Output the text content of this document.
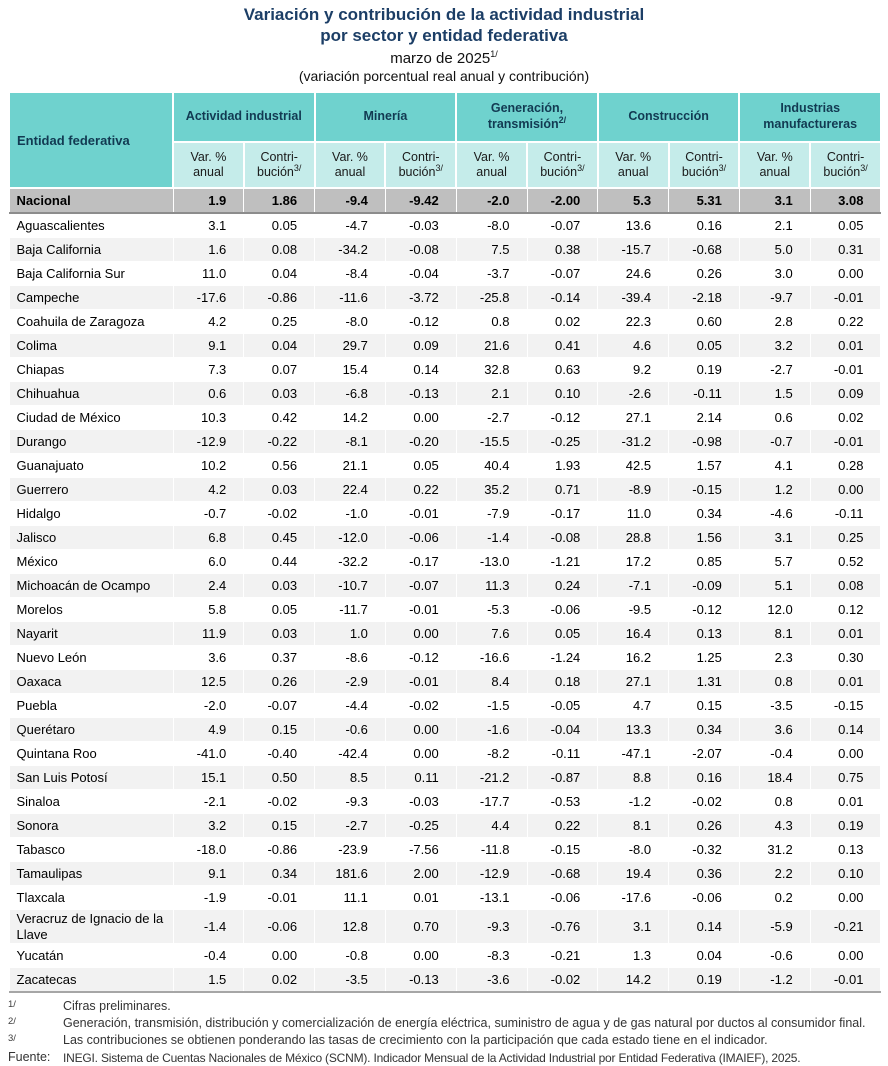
Variación y contribución de la actividad industrial
por sector y entidad federativa
marzo de $2025^{1/}$
(variación porcentual real anual y contribución)
Entidad federativa	Actividad industrial		Minería		Generación, transmisión$^{2/}$		Construcción		Industrias manufactureras	
	Var. % anual	Contri-bución$^{3/}$	Var. % anual	Contri-bución$^{3/}$	Var. % anual	Contri-bución$^{3/}$	Var. % anual	Contri-bución$^{3/}$	Var. % anual	Contri-bución$^{3/}$
Nacional	1.9	1.86	-9.4	-9.42	-2.0	-2.00	5.3	5.31	3.1	3.08
Aguascalientes	3.1	0.05	-4.7	-0.03	-8.0	-0.07	13.6	0.16	2.1	0.05
Baja California	1.6	0.08	-34.2	-0.08	7.5	0.38	-15.7	-0.68	5.0	0.31
Baja California Sur	11.0	0.04	-8.4	-0.04	-3.7	-0.07	24.6	0.26	3.0	0.00
Campeche	-17.6	-0.86	-11.6	-3.72	-25.8	-0.14	-39.4	-2.18	-9.7	-0.01
Coahuila de Zaragoza	4.2	0.25	-8.0	-0.12	0.8	0.02	22.3	0.60	2.8	0.22
Colima	9.1	0.04	29.7	0.09	21.6	0.41	4.6	0.05	3.2	0.01
Chiapas	7.3	0.07	15.4	0.14	32.8	0.63	9.2	0.19	-2.7	-0.01
Chihuahua	0.6	0.03	-6.8	-0.13	2.1	0.10	-2.6	-0.11	1.5	0.09
Ciudad de México	10.3	0.42	14.2	0.00	-2.7	-0.12	27.1	2.14	0.6	0.02
Durango	-12.9	-0.22	-8.1	-0.20	-15.5	-0.25	-31.2	-0.98	-0.7	-0.01
Guanajuato	10.2	0.56	21.1	0.05	40.4	1.93	42.5	1.57	4.1	0.28
Guerrero	4.2	0.03	22.4	0.22	35.2	0.71	-8.9	-0.15	1.2	0.00
Hidalgo	-0.7	-0.02	-1.0	-0.01	-7.9	-0.17	11.0	0.34	-4.6	-0.11
Jalisco	6.8	0.45	-12.0	-0.06	-1.4	-0.08	28.8	1.56	3.1	0.25
México	6.0	0.44	-32.2	-0.17	-13.0	-1.21	17.2	0.85	5.7	0.52
Michoacán de Ocampo	2.4	0.03	-10.7	-0.07	11.3	0.24	-7.1	-0.09	5.1	0.08
Morelos	5.8	0.05	-11.7	-0.01	-5.3	-0.06	-9.5	-0.12	12.0	0.12
Nayarit	11.9	0.03	1.0	0.00	7.6	0.05	16.4	0.13	8.1	0.01
Nuevo León	3.6	0.37	-8.6	-0.12	-16.6	-1.24	16.2	1.25	2.3	0.30
Oaxaca	12.5	0.26	-2.9	-0.01	8.4	0.18	27.1	1.31	0.8	0.01
Puebla	-2.0	-0.07	-4.4	-0.02	-1.5	-0.05	4.7	0.15	-3.5	-0.15
Querétaro	4.9	0.15	-0.6	0.00	-1.6	-0.04	13.3	0.34	3.6	0.14
Quintana Roo	-41.0	-0.40	-42.4	0.00	-8.2	-0.11	-47.1	-2.07	-0.4	0.00
San Luis Potosí	15.1	0.50	8.5	0.11	-21.2	-0.87	8.8	0.16	18.4	0.75
Sinaloa	-2.1	-0.02	-9.3	-0.03	-17.7	-0.53	-1.2	-0.02	0.8	0.01
Sonora	3.2	0.15	-2.7	-0.25	4.4	0.22	8.1	0.26	4.3	0.19
Tabasco	-18.0	-0.86	-23.9	-7.56	-11.8	-0.15	-8.0	-0.32	31.2	0.13
Tamaulipas	9.1	0.34	181.6	2.00	-12.9	-0.68	19.4	0.36	2.2	0.10
Tlaxcala	-1.9	-0.01	11.1	0.01	-13.1	-0.06	-17.6	-0.06	0.2	0.00
Veracruz de Ignacio de la Llave	-1.4	-0.06	12.8	0.70	-9.3	-0.76	3.1	0.14	-5.9	-0.21
Yucatán	-0.4	0.00	-0.8	0.00	-8.3	-0.21	1.3	0.04	-0.6	0.00
Zacatecas	1.5	0.02	-3.5	-0.13	-3.6	-0.02	14.2	0.19	-1.2	-0.01
1/	Cifras preliminares.
2/	Generación, transmisión, distribución y comercialización de energía eléctrica, suministro de agua y de gas natural por ductos al consumidor final.
3/	Las contribuciones se obtienen ponderando las tasas de crecimiento con la participación que cada estado tiene en el indicador.
Fuente:	INEGI. Sistema de Cuentas Nacionales de México (SCNM). Indicador Mensual de la Actividad Industrial por Entidad Federativa (IMAIEF), 2025.
